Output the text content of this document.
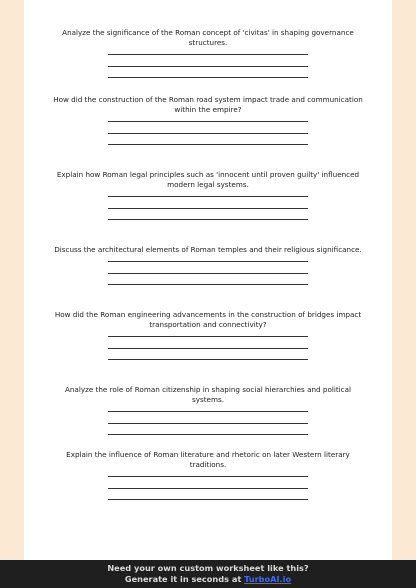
Analyze the significance of the Roman concept of 'civitas' in shaping governance structures.

How did the construction of the Roman road system impact trade and communication within the empire?

Explain how Roman legal principles such as 'innocent until proven guilty' influenced modern legal systems.

Discuss the architectural elements of Roman temples and their religious significance.

How did the Roman engineering advancements in the construction of bridges impact transportation and connectivity?

Analyze the role of Roman citizenship in shaping social hierarchies and political systems.

Explain the influence of Roman literature and rhetoric on later Western literary traditions.

Need your own custom worksheet like this?
Generate it in seconds at TurboAI.io
